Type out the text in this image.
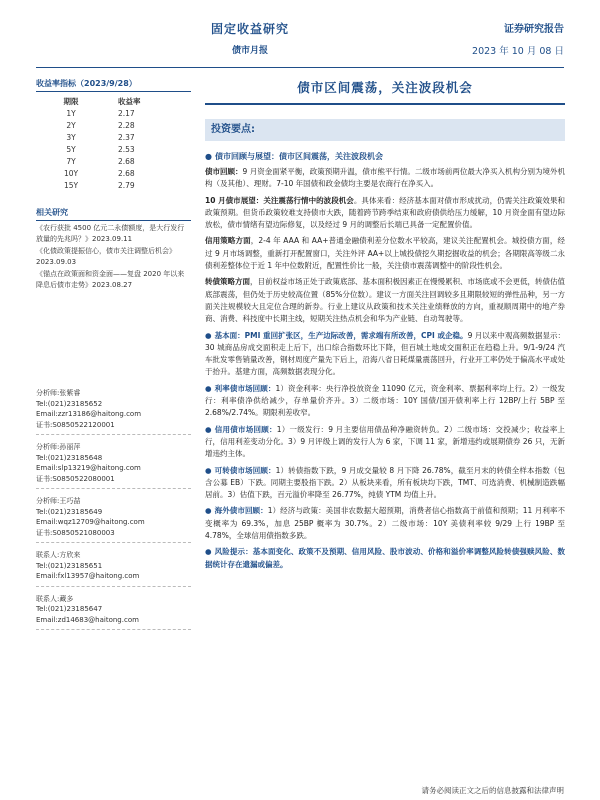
固定收益研究
债市月报
证券研究报告
2023 年 10 月 08 日
收益率指标（2023/9/28）
期限	收益率
1Y	2.17
2Y	2.28
3Y	2.37
5Y	2.53
7Y	2.68
10Y	2.68
15Y	2.79
相关研究
《农行获批 4500 亿元二永债额度，是大行发行放量的先兆吗？》2023.09.11
《化债政策提振信心，债市关注调整后机会》2023.09.03
《锚点在政策面和资金面——复盘 2020 年以来降息后债市走势》2023.08.27
分析师:张紫睿
Tel:(021)23185652
Email:zzr13186@haitong.com
证书:S0850522120001
分析师:孙丽萍
Tel:(021)23185648
Email:slp13219@haitong.com
证书:S0850522080001
分析师:王巧喆
Tel:(021)23185649
Email:wqz12709@haitong.com
证书:S0850521080003
联系人:方欣来
Tel:(021)23185651
Email:fxl13957@haitong.com
联系人:藏多
Tel:(021)23185647
Email:zd14683@haitong.com
债市区间震荡，关注波段机会
投资要点:
● 债市回顾与展望：债市区间震荡，关注波段机会
债市回顾：9 月资金面紧平衡，政策预期升温，债市熊平行情。二级市场前两位最大净买入机构分别为境外机构（及其他）、理财。7-10 年国债和政金债均主要是农商行在净买入。
10 月债市展望：关注震荡行情中的波段机会。具体来看：经济基本面对债市形成扰动，仍需关注政策效果和政策预期。但货币政策较难支持债市大跌，随着跨节跨季结束和政府债供给压力缓解，10 月资金面有望边际放松，债市情绪有望边际修复，以及经过 9 月的调整后长端已具备一定配置价值。
信用策略方面，2-4 年 AAA 和 AA+普通金融债利差分位数水平较高，建议关注配置机会。城投债方面，经过 9 月市场调整，重新打开配置窗口，关注外评 AA+以上城投债挖久期挖掘收益的机会；各期限高等级二永债利差整体位于近 1 年中位数附近，配置性价比一般，关注债市震荡调整中的阶段性机会。
转债策略方面，目前权益市场正处于政策底部、基本面积极因素正在慢慢累积、市场底或不会更低，转债估值底部震荡，但仍处于历史较高位置（85%分位数）。建议一方面关注回调较多且期限较短的弹性品种，另一方面关注规模较大且定位合理的新券。行业上建议从政策和技术关注业绩释放的方向，重视顺周期中的地产券商、消费、科技度中长期主线，短期关注热点机会和华为产业链、自动驾驶等。
● 基本面：PMI 重回扩张区，生产边际改善，需求端有所改善，CPI 或企稳。9 月以来中观高频数据显示：30 城商品房成交面积走上后下，出口综合指数环比下降，但百城土地成交面积正在趋稳上升。9/1-9/24 汽车批发零售销量改善，钢材周度产量先下后上，沿海八省日耗煤量震荡回升，行业开工率仍处于偏高水平或处于抬升。基建方面，高频数据表现分化。
● 利率债市场回顾：1）资金利率：央行净投放资金 11090 亿元，资金利率、票据利率均上行。2）一级发行：利率债净供给减少，存单量价齐升。3）二级市场：10Y 国债/国开债利率上行 12BP/上行 5BP 至 2.68%/2.74%。期限利差收窄。
● 信用债市场回顾：1）一级发行：9 月主要信用债品种净融资转负。2）二级市场：交投减少；收益率上行，信用利差变动分化。3）9 月评级上调的发行人为 6 家，下调 11 家，新增违约或展期债券 26 只，无新增违约主体。
● 可转债市场回顾：1）转债指数下跌，9 月成交量较 8 月下降 26.78%，截至月末的转债全样本指数（包含公募 EB）下跌。同期主要股指下跌。2）从板块来看，所有板块均下跌，TMT、可选消费、机械制造跌幅居前。3）估值下跌，百元溢价率降至 26.77%，纯债 YTM 均值上升。
● 海外债市回顾：1）经济与政策：美国非农数据大超预期，消费者信心指数高于前值和预期；11 月利率不变概率为 69.3%，加息 25BP 概率为 30.7%。2）二级市场：10Y 美债利率较 9/29 上行 19BP 至 4.78%，全球信用债指数多跌。
● 风险提示：基本面变化、政策不及预期、信用风险、股市波动、价格和溢价率调整风险转债强赎风险、数据统计存在遗漏或偏差。
请务必阅读正文之后的信息披露和法律声明
